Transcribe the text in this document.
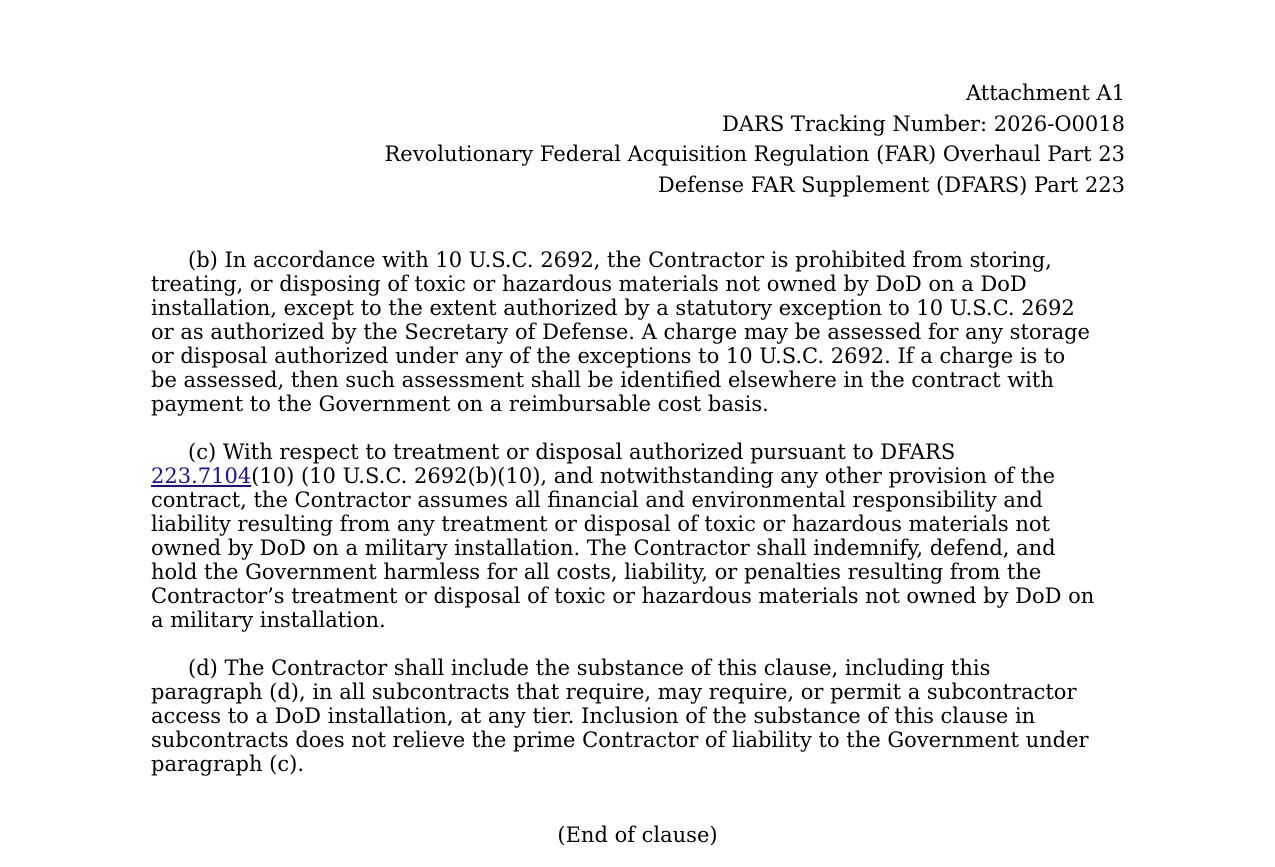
Attachment A1
DARS Tracking Number: 2026-O0018
Revolutionary Federal Acquisition Regulation (FAR) Overhaul Part 23
Defense FAR Supplement (DFARS) Part 223
(b) In accordance with 10 U.S.C. 2692, the Contractor is prohibited from storing,
treating, or disposing of toxic or hazardous materials not owned by DoD on a DoD
installation, except to the extent authorized by a statutory exception to 10 U.S.C. 2692
or as authorized by the Secretary of Defense. A charge may be assessed for any storage
or disposal authorized under any of the exceptions to 10 U.S.C. 2692. If a charge is to
be assessed, then such assessment shall be identified elsewhere in the contract with
payment to the Government on a reimbursable cost basis.
(c) With respect to treatment or disposal authorized pursuant to DFARS
223.7104(10) (10 U.S.C. 2692(b)(10), and notwithstanding any other provision of the
contract, the Contractor assumes all financial and environmental responsibility and
liability resulting from any treatment or disposal of toxic or hazardous materials not
owned by DoD on a military installation. The Contractor shall indemnify, defend, and
hold the Government harmless for all costs, liability, or penalties resulting from the
Contractor’s treatment or disposal of toxic or hazardous materials not owned by DoD on
a military installation.
(d) The Contractor shall include the substance of this clause, including this
paragraph (d), in all subcontracts that require, may require, or permit a subcontractor
access to a DoD installation, at any tier. Inclusion of the substance of this clause in
subcontracts does not relieve the prime Contractor of liability to the Government under
paragraph (c).
(End of clause)
